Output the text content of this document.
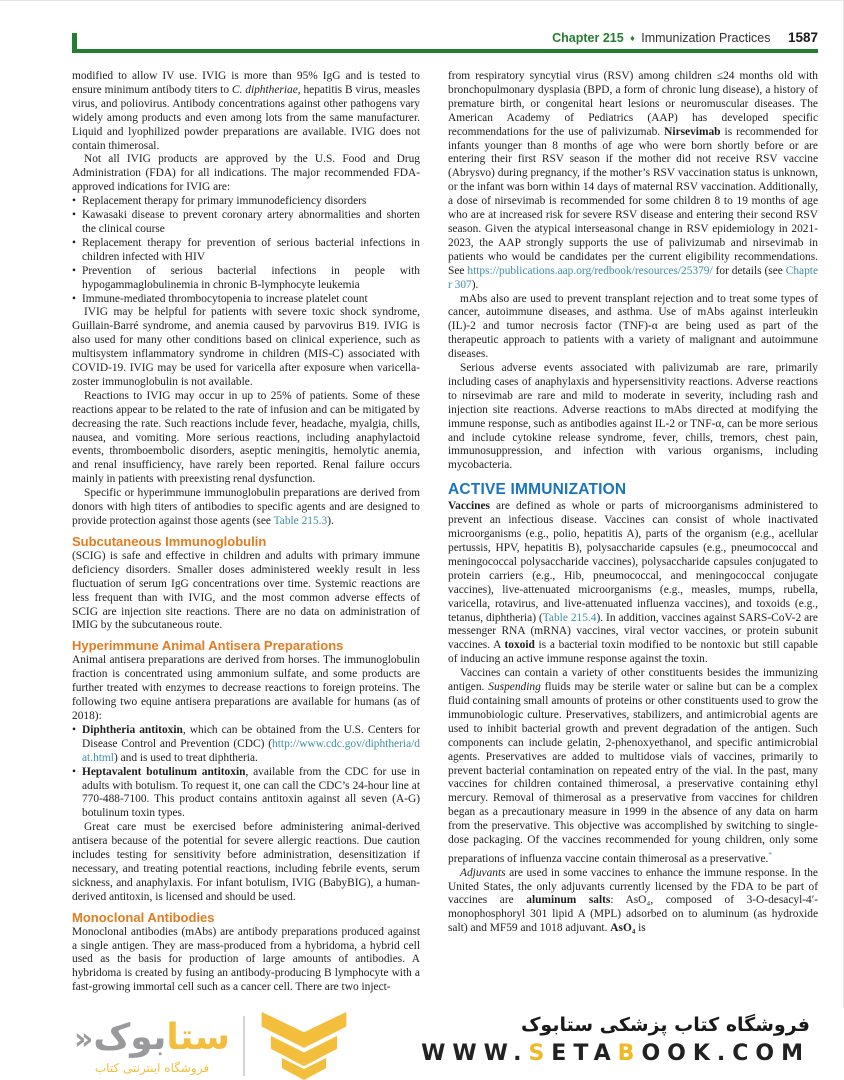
Chapter 215 ♦ Immunization Practices 1587

modified to allow IV use. IVIG is more than 95% IgG and is tested to ensure minimum antibody titers to C. diphtheriae, hepatitis B virus, measles virus, and poliovirus. Antibody concentrations against other pathogens vary widely among products and even among lots from the same manufacturer. Liquid and lyophilized powder preparations are available. IVIG does not contain thimerosal.

Not all IVIG products are approved by the U.S. Food and Drug Administration (FDA) for all indications. The major recommended FDA-approved indications for IVIG are:

• Replacement therapy for primary immunodeficiency disorders
• Kawasaki disease to prevent coronary artery abnormalities and shorten the clinical course
• Replacement therapy for prevention of serious bacterial infections in children infected with HIV
• Prevention of serious bacterial infections in people with hypogammaglobulinemia in chronic B-lymphocyte leukemia
• Immune-mediated thrombocytopenia to increase platelet count

IVIG may be helpful for patients with severe toxic shock syndrome, Guillain-Barré syndrome, and anemia caused by parvovirus B19. IVIG is also used for many other conditions based on clinical experience, such as multisystem inflammatory syndrome in children (MIS-C) associated with COVID-19. IVIG may be used for varicella after exposure when varicella-zoster immunoglobulin is not available.

Reactions to IVIG may occur in up to 25% of patients. Some of these reactions appear to be related to the rate of infusion and can be mitigated by decreasing the rate. Such reactions include fever, headache, myalgia, chills, nausea, and vomiting. More serious reactions, including anaphylactoid events, thromboembolic disorders, aseptic meningitis, hemolytic anemia, and renal insufficiency, have rarely been reported. Renal failure occurs mainly in patients with preexisting renal dysfunction.

Specific or hyperimmune immunoglobulin preparations are derived from donors with high titers of antibodies to specific agents and are designed to provide protection against those agents (see Table 215.3).

Subcutaneous Immunoglobulin

(SCIG) is safe and effective in children and adults with primary immune deficiency disorders. Smaller doses administered weekly result in less fluctuation of serum IgG concentrations over time. Systemic reactions are less frequent than with IVIG, and the most common adverse effects of SCIG are injection site reactions. There are no data on administration of IMIG by the subcutaneous route.

Hyperimmune Animal Antisera Preparations

Animal antisera preparations are derived from horses. The immunoglobulin fraction is concentrated using ammonium sulfate, and some products are further treated with enzymes to decrease reactions to foreign proteins. The following two equine antisera preparations are available for humans (as of 2018):

• Diphtheria antitoxin, which can be obtained from the U.S. Centers for Disease Control and Prevention (CDC) (http://www.cdc.gov/diphtheria/dat.html) and is used to treat diphtheria.
• Heptavalent botulinum antitoxin, available from the CDC for use in adults with botulism. To request it, one can call the CDC’s 24-hour line at 770-488-7100. This product contains antitoxin against all seven (A-G) botulinum toxin types.

Great care must be exercised before administering animal-derived antisera because of the potential for severe allergic reactions. Due caution includes testing for sensitivity before administration, desensitization if necessary, and treating potential reactions, including febrile events, serum sickness, and anaphylaxis. For infant botulism, IVIG (BabyBIG), a human-derived antitoxin, is licensed and should be used.

Monoclonal Antibodies

Monoclonal antibodies (mAbs) are antibody preparations produced against a single antigen. They are mass-produced from a hybridoma, a hybrid cell used as the basis for production of large amounts of antibodies. A hybridoma is created by fusing an antibody-producing B lymphocyte with a fast-growing immortal cell such as a cancer cell. There are two inject-

from respiratory syncytial virus (RSV) among children ≤24 months old with bronchopulmonary dysplasia (BPD, a form of chronic lung disease), a history of premature birth, or congenital heart lesions or neuromuscular diseases. The American Academy of Pediatrics (AAP) has developed specific recommendations for the use of palivizumab. Nirsevimab is recommended for infants younger than 8 months of age who were born shortly before or are entering their first RSV season if the mother did not receive RSV vaccine (Abrysvo) during pregnancy, if the mother’s RSV vaccination status is unknown, or the infant was born within 14 days of maternal RSV vaccination. Additionally, a dose of nirsevimab is recommended for some children 8 to 19 months of age who are at increased risk for severe RSV disease and entering their second RSV season. Given the atypical interseasonal change in RSV epidemiology in 2021-2023, the AAP strongly supports the use of palivizumab and nirsevimab in patients who would be candidates per the current eligibility recommendations. See https://publications.aap.org/redbook/resources/25379/ for details (see Chapter 307).

mAbs also are used to prevent transplant rejection and to treat some types of cancer, autoimmune diseases, and asthma. Use of mAbs against interleukin (IL)-2 and tumor necrosis factor (TNF)-α are being used as part of the therapeutic approach to patients with a variety of malignant and autoimmune diseases.

Serious adverse events associated with palivizumab are rare, primarily including cases of anaphylaxis and hypersensitivity reactions. Adverse reactions to nirsevimab are rare and mild to moderate in severity, including rash and injection site reactions. Adverse reactions to mAbs directed at modifying the immune response, such as antibodies against IL-2 or TNF-α, can be more serious and include cytokine release syndrome, fever, chills, tremors, chest pain, immunosuppression, and infection with various organisms, including mycobacteria.

ACTIVE IMMUNIZATION

Vaccines are defined as whole or parts of microorganisms administered to prevent an infectious disease. Vaccines can consist of whole inactivated microorganisms (e.g., polio, hepatitis A), parts of the organism (e.g., acellular pertussis, HPV, hepatitis B), polysaccharide capsules (e.g., pneumococcal and meningococcal polysaccharide vaccines), polysaccharide capsules conjugated to protein carriers (e.g., Hib, pneumococcal, and meningococcal conjugate vaccines), live-attenuated microorganisms (e.g., measles, mumps, rubella, varicella, rotavirus, and live-attenuated influenza vaccines), and toxoids (e.g., tetanus, diphtheria) (Table 215.4). In addition, vaccines against SARS-CoV-2 are messenger RNA (mRNA) vaccines, viral vector vaccines, or protein subunit vaccines. A toxoid is a bacterial toxin modified to be nontoxic but still capable of inducing an active immune response against the toxin.

Vaccines can contain a variety of other constituents besides the immunizing antigen. Suspending fluids may be sterile water or saline but can be a complex fluid containing small amounts of proteins or other constituents used to grow the immunobiologic culture. Preservatives, stabilizers, and antimicrobial agents are used to inhibit bacterial growth and prevent degradation of the antigen. Such components can include gelatin, 2-phenoxyethanol, and specific antimicrobial agents. Preservatives are added to multidose vials of vaccines, primarily to prevent bacterial contamination on repeated entry of the vial. In the past, many vaccines for children contained thimerosal, a preservative containing ethyl mercury. Removal of thimerosal as a preservative from vaccines for children began as a precautionary measure in 1999 in the absence of any data on harm from the preservative. This objective was accomplished by switching to single-dose packaging. Of the vaccines recommended for young children, only some preparations of influenza vaccine contain thimerosal as a preservative.*

Adjuvants are used in some vaccines to enhance the immune response. In the United States, the only adjuvants currently licensed by the FDA to be part of vaccines are aluminum salts: AsO₄, composed of 3-O-desacyl-4′-monophosphoryl 301 lipid A (MPL) adsorbed on to aluminum (as hydroxide salt) and MF59 and 1018 adjuvant. AsO₄ is

ستابوک«
فروشگاه اینترنتی کتاب
فروشگاه کتاب پزشکی ستابوک
WWW.SETABOOK.COM
